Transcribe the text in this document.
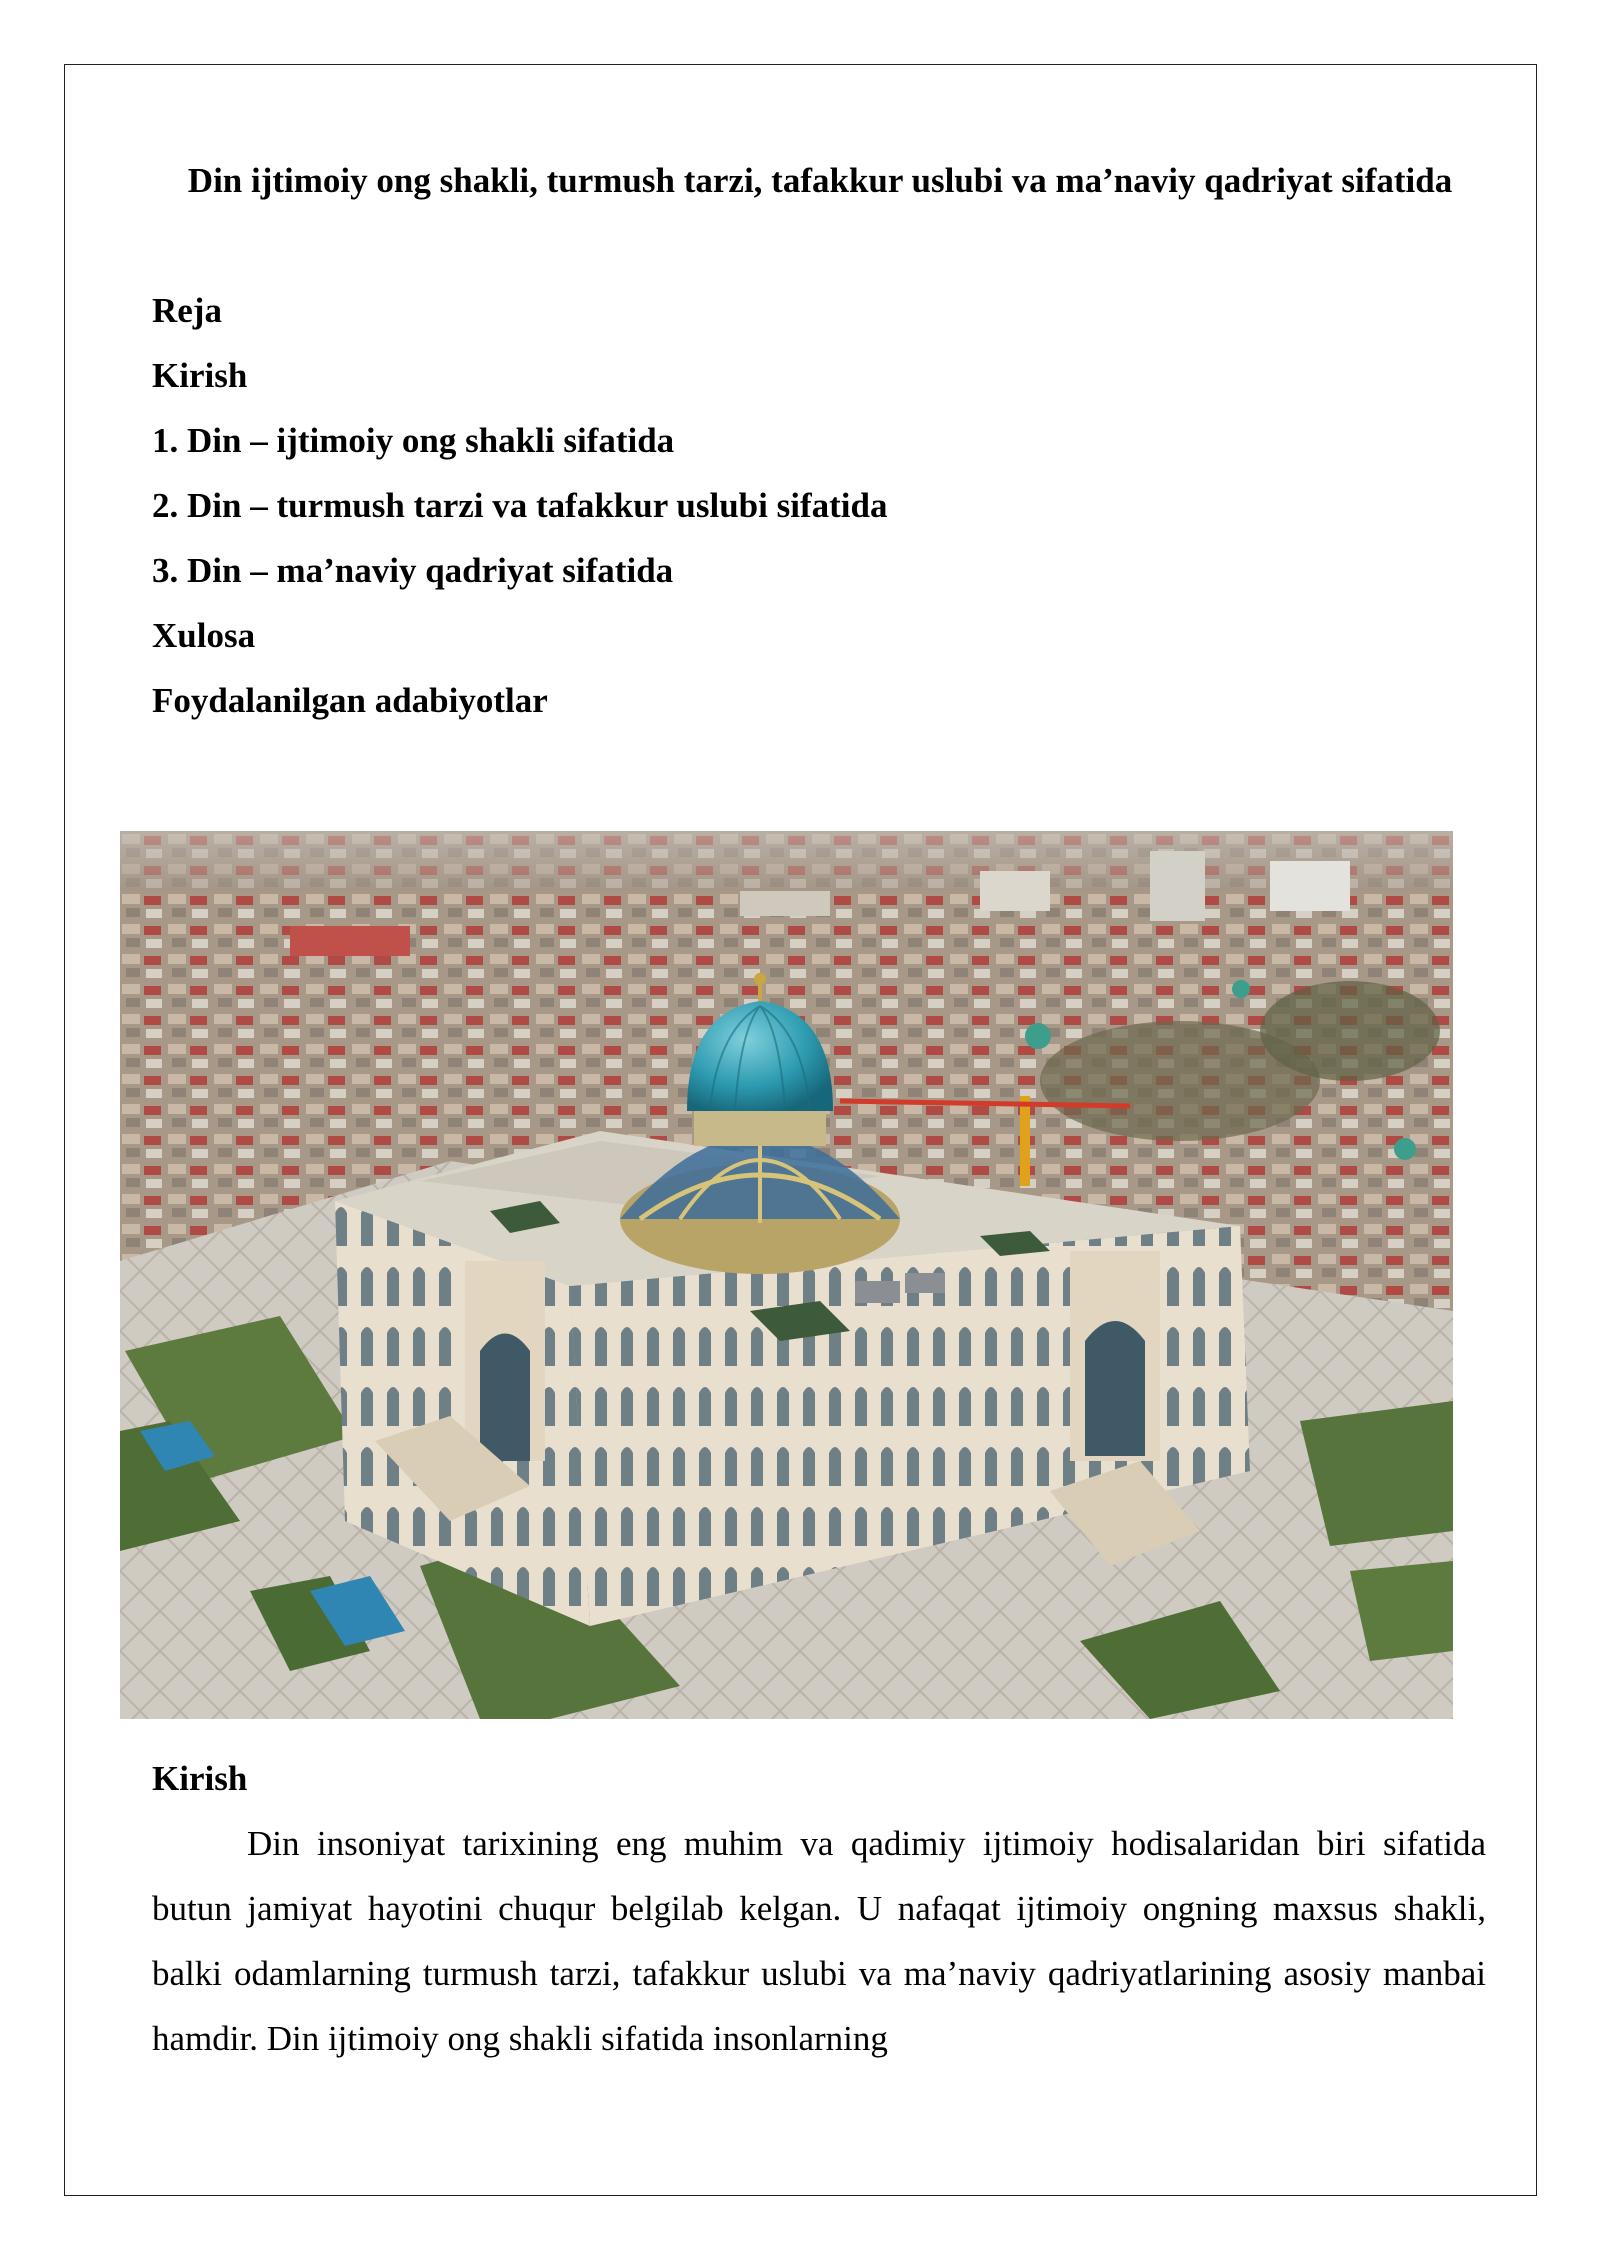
Din ijtimoiy ong shakli, turmush tarzi, tafakkur uslubi va ma’naviy qadriyat sifatida
Reja
Kirish
1. Din – ijtimoiy ong shakli sifatida
2. Din – turmush tarzi va tafakkur uslubi sifatida
3. Din – ma’naviy qadriyat sifatida
Xulosa
Foydalanilgan adabiyotlar
Kirish

Din insoniyat tarixining eng muhim va qadimiy ijtimoiy hodisalaridan biri sifatida butun jamiyat hayotini chuqur belgilab kelgan. U nafaqat ijtimoiy ongning maxsus shakli, balki odamlarning turmush tarzi, tafakkur uslubi va ma’naviy qadriyatlarining asosiy manbai hamdir. Din ijtimoiy ong shakli sifatida insonlarning
